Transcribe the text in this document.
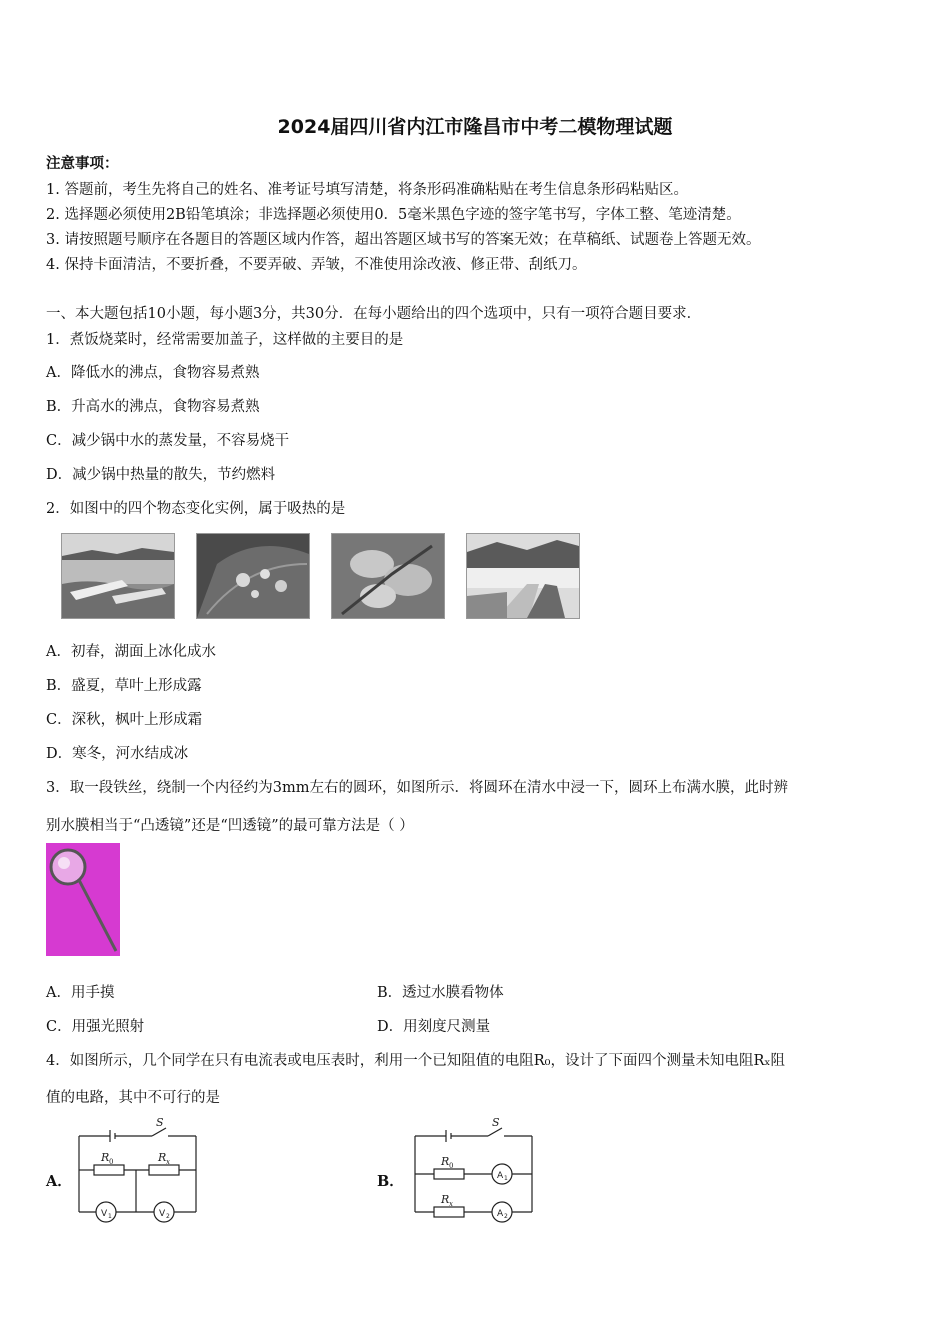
2024届四川省内江市隆昌市中考二模物理试题
注意事项：
1. 答题前，考生先将自己的姓名、准考证号填写清楚，将条形码准确粘贴在考生信息条形码粘贴区。
2. 选择题必须使用2B铅笔填涂；非选择题必须使用0．5毫米黑色字迹的签字笔书写，字体工整、笔迹清楚。
3. 请按照题号顺序在各题目的答题区域内作答，超出答题区域书写的答案无效；在草稿纸、试题卷上答题无效。
4. 保持卡面清洁，不要折叠，不要弄破、弄皱，不准使用涂改液、修正带、刮纸刀。
一、本大题包括10小题，每小题3分，共30分．在每小题给出的四个选项中，只有一项符合题目要求．
1．煮饭烧菜时，经常需要加盖子，这样做的主要目的是
A．降低水的沸点，食物容易煮熟
B．升高水的沸点，食物容易煮熟
C．减少锅中水的蒸发量，不容易烧干
D．减少锅中热量的散失，节约燃料
2．如图中的四个物态变化实例，属于吸热的是
A．初春，湖面上冰化成水
B．盛夏，草叶上形成露
C．深秋，枫叶上形成霜
D．寒冬，河水结成冰
3．取一段铁丝，绕制一个内径约为3mm左右的圆环，如图所示．将圆环在清水中浸一下，圆环上布满水膜，此时辨
别水膜相当于“凸透镜”还是“凹透镜”的最可靠方法是（ ）
A．用手摸	B．透过水膜看物体
C．用强光照射	D．用刻度尺测量
4．如图所示，几个同学在只有电流表或电压表时，利用一个已知阻值的电阻R₀，设计了下面四个测量未知电阻Rₓ阻
值的电路，其中不可行的是
A．	B．
S
R 0	R x
V 1	V 2
S
R 0
R x
A 1
A 2
